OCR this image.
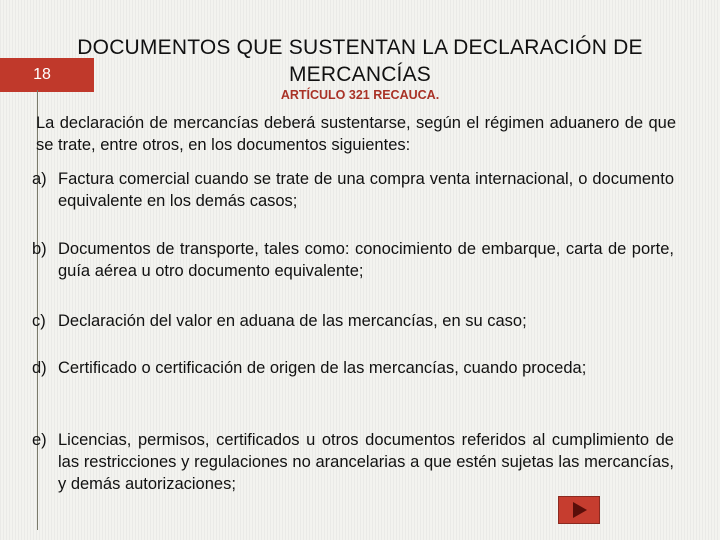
18
DOCUMENTOS QUE SUSTENTAN LA DECLARACIÓN DE MERCANCÍAS
ARTÍCULO 321 RECAUCA.
La declaración de mercancías deberá sustentarse, según el régimen aduanero de que se trate, entre otros, en los documentos siguientes:
a) Factura comercial cuando se trate de una compra venta internacional, o documento equivalente en los demás casos;
b) Documentos de transporte, tales como: conocimiento de embarque, carta de porte, guía aérea u otro documento equivalente;
c) Declaración del valor en aduana de las mercancías, en su caso;
d) Certificado o certificación de origen de las mercancías, cuando proceda;
e) Licencias, permisos, certificados u otros documentos referidos al cumplimiento de las restricciones y regulaciones no arancelarias a que estén sujetas las mercancías, y demás autorizaciones;
